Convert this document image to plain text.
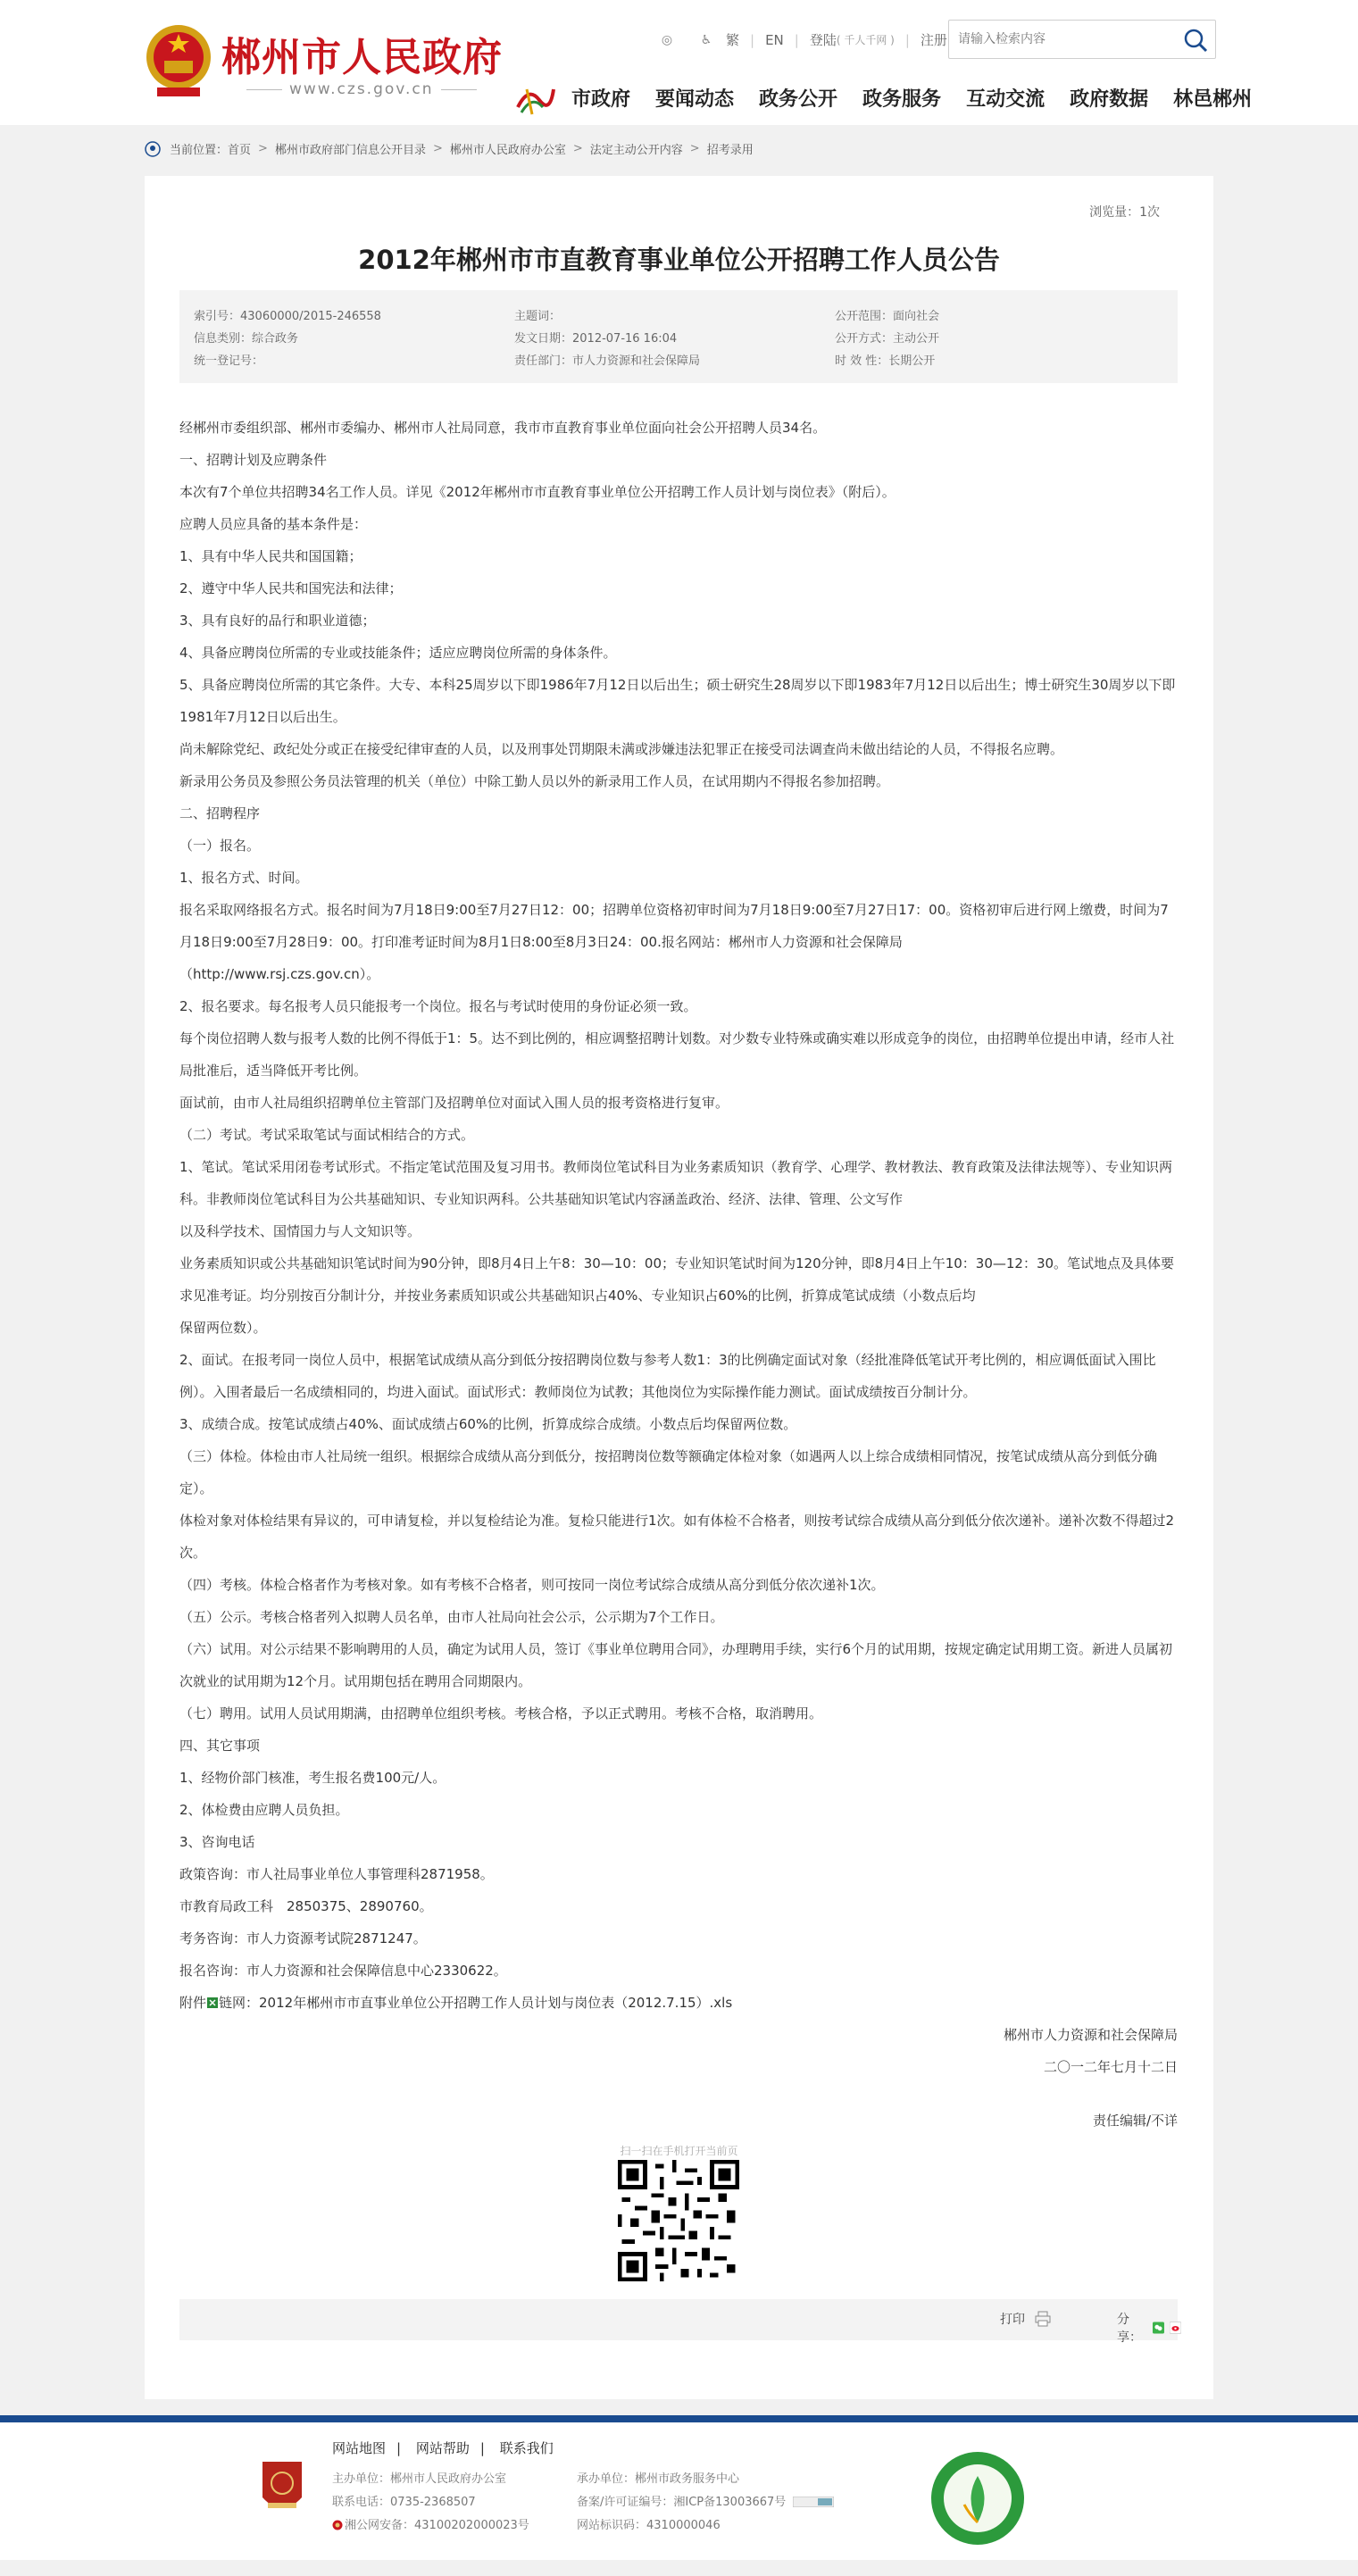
郴州市人民政府
www.czs.gov.cn
◎ ♿ 繁 | EN | 登陆 ( 千人千网 ) | 注册
请输入检索内容
市政府 要闻动态 政务公开 政务服务 互动交流 政府数据 林邑郴州
当前位置： 首页 > 郴州市政府部门信息公开目录 > 郴州市人民政府办公室 > 法定主动公开内容 > 招考录用
浏览量：1次
2012年郴州市市直教育事业单位公开招聘工作人员公告
索引号：43060000/2015-246558	主题词：	公开范围：面向社会
信息类别：综合政务	发文日期：2012-07-16 16:04	公开方式：主动公开
统一登记号：	责任部门：市人力资源和社会保障局	时 效 性：长期公开

经郴州市委组织部、郴州市委编办、郴州市人社局同意，我市市直教育事业单位面向社会公开招聘人员34名。

一、招聘计划及应聘条件

本次有7个单位共招聘34名工作人员。详见《2012年郴州市市直教育事业单位公开招聘工作人员计划与岗位表》（附后）。

应聘人员应具备的基本条件是：

1、具有中华人民共和国国籍；

2、遵守中华人民共和国宪法和法律；

3、具有良好的品行和职业道德；

4、具备应聘岗位所需的专业或技能条件；适应应聘岗位所需的身体条件。

5、具备应聘岗位所需的其它条件。大专、本科25周岁以下即1986年7月12日以后出生；硕士研究生28周岁以下即1983年7月12日以后出生；博士研究生30周岁以下即1981年7月12日以后出生。

尚未解除党纪、政纪处分或正在接受纪律审查的人员，以及刑事处罚期限未满或涉嫌违法犯罪正在接受司法调查尚未做出结论的人员，不得报名应聘。

新录用公务员及参照公务员法管理的机关（单位）中除工勤人员以外的新录用工作人员，在试用期内不得报名参加招聘。

二、招聘程序

（一）报名。

1、报名方式、时间。

报名采取网络报名方式。报名时间为7月18日9:00至7月27日12：00；招聘单位资格初审时间为7月18日9:00至7月27日17：00。资格初审后进行网上缴费，时间为7月18日9:00至7月28日9：00。打印准考证时间为8月1日8:00至8月3日24：00.报名网站：郴州市人力资源和社会保障局

（http://www.rsj.czs.gov.cn）。

2、报名要求。每名报考人员只能报考一个岗位。报名与考试时使用的身份证必须一致。

每个岗位招聘人数与报考人数的比例不得低于1：5。达不到比例的，相应调整招聘计划数。对少数专业特殊或确实难以形成竞争的岗位，由招聘单位提出申请，经市人社局批准后，适当降低开考比例。

面试前，由市人社局组织招聘单位主管部门及招聘单位对面试入围人员的报考资格进行复审。

（二）考试。考试采取笔试与面试相结合的方式。

1、笔试。笔试采用闭卷考试形式。不指定笔试范围及复习用书。教师岗位笔试科目为业务素质知识（教育学、心理学、教材教法、教育政策及法律法规等）、专业知识两科。非教师岗位笔试科目为公共基础知识、专业知识两科。公共基础知识笔试内容涵盖政治、经济、法律、管理、公文写作

以及科学技术、国情国力与人文知识等。

业务素质知识或公共基础知识笔试时间为90分钟，即8月4日上午8：30—10：00；专业知识笔试时间为120分钟，即8月4日上午10：30—12：30。笔试地点及具体要求见准考证。均分别按百分制计分，并按业务素质知识或公共基础知识占40%、专业知识占60%的比例，折算成笔试成绩（小数点后均

保留两位数）。

2、面试。在报考同一岗位人员中，根据笔试成绩从高分到低分按招聘岗位数与参考人数1：3的比例确定面试对象（经批准降低笔试开考比例的，相应调低面试入围比例）。入围者最后一名成绩相同的，均进入面试。面试形式：教师岗位为试教；其他岗位为实际操作能力测试。面试成绩按百分制计分。

3、成绩合成。按笔试成绩占40%、面试成绩占60%的比例，折算成综合成绩。小数点后均保留两位数。

（三）体检。体检由市人社局统一组织。根据综合成绩从高分到低分，按招聘岗位数等额确定体检对象（如遇两人以上综合成绩相同情况，按笔试成绩从高分到低分确定）。

体检对象对体检结果有异议的，可申请复检，并以复检结论为准。复检只能进行1次。如有体检不合格者，则按考试综合成绩从高分到低分依次递补。递补次数不得超过2次。

（四）考核。体检合格者作为考核对象。如有考核不合格者，则可按同一岗位考试综合成绩从高分到低分依次递补1次。

（五）公示。考核合格者列入拟聘人员名单，由市人社局向社会公示，公示期为7个工作日。

（六）试用。对公示结果不影响聘用的人员，确定为试用人员，签订《事业单位聘用合同》，办理聘用手续，实行6个月的试用期，按规定确定试用期工资。新进人员属初次就业的试用期为12个月。试用期包括在聘用合同期限内。

（七）聘用。试用人员试用期满，由招聘单位组织考核。考核合格，予以正式聘用。考核不合格，取消聘用。

四、其它事项

1、经物价部门核准，考生报名费100元/人。

2、体检费由应聘人员负担。

3、咨询电话

政策咨询：市人社局事业单位人事管理科2871958。

市教育局政工科　2850375、2890760。

考务咨询：市人力资源考试院2871247。

报名咨询：市人力资源和社会保障信息中心2330622。

附件 链网：2012年郴州市市直事业单位公开招聘工作人员计划与岗位表（2012.7.15）.xls

郴州市人力资源和社会保障局

二〇一二年七月十二日

责任编辑/不详

扫一扫在手机打开当前页
打印	分享：
网站地图 | 网站帮助 | 联系我们
主办单位：郴州市人民政府办公室
联系电话：0735-2368507
湘公网安备：43100202000023号
承办单位：郴州市政务服务中心
备案/许可证编号：湘ICP备13003667号
网站标识码：4310000046
